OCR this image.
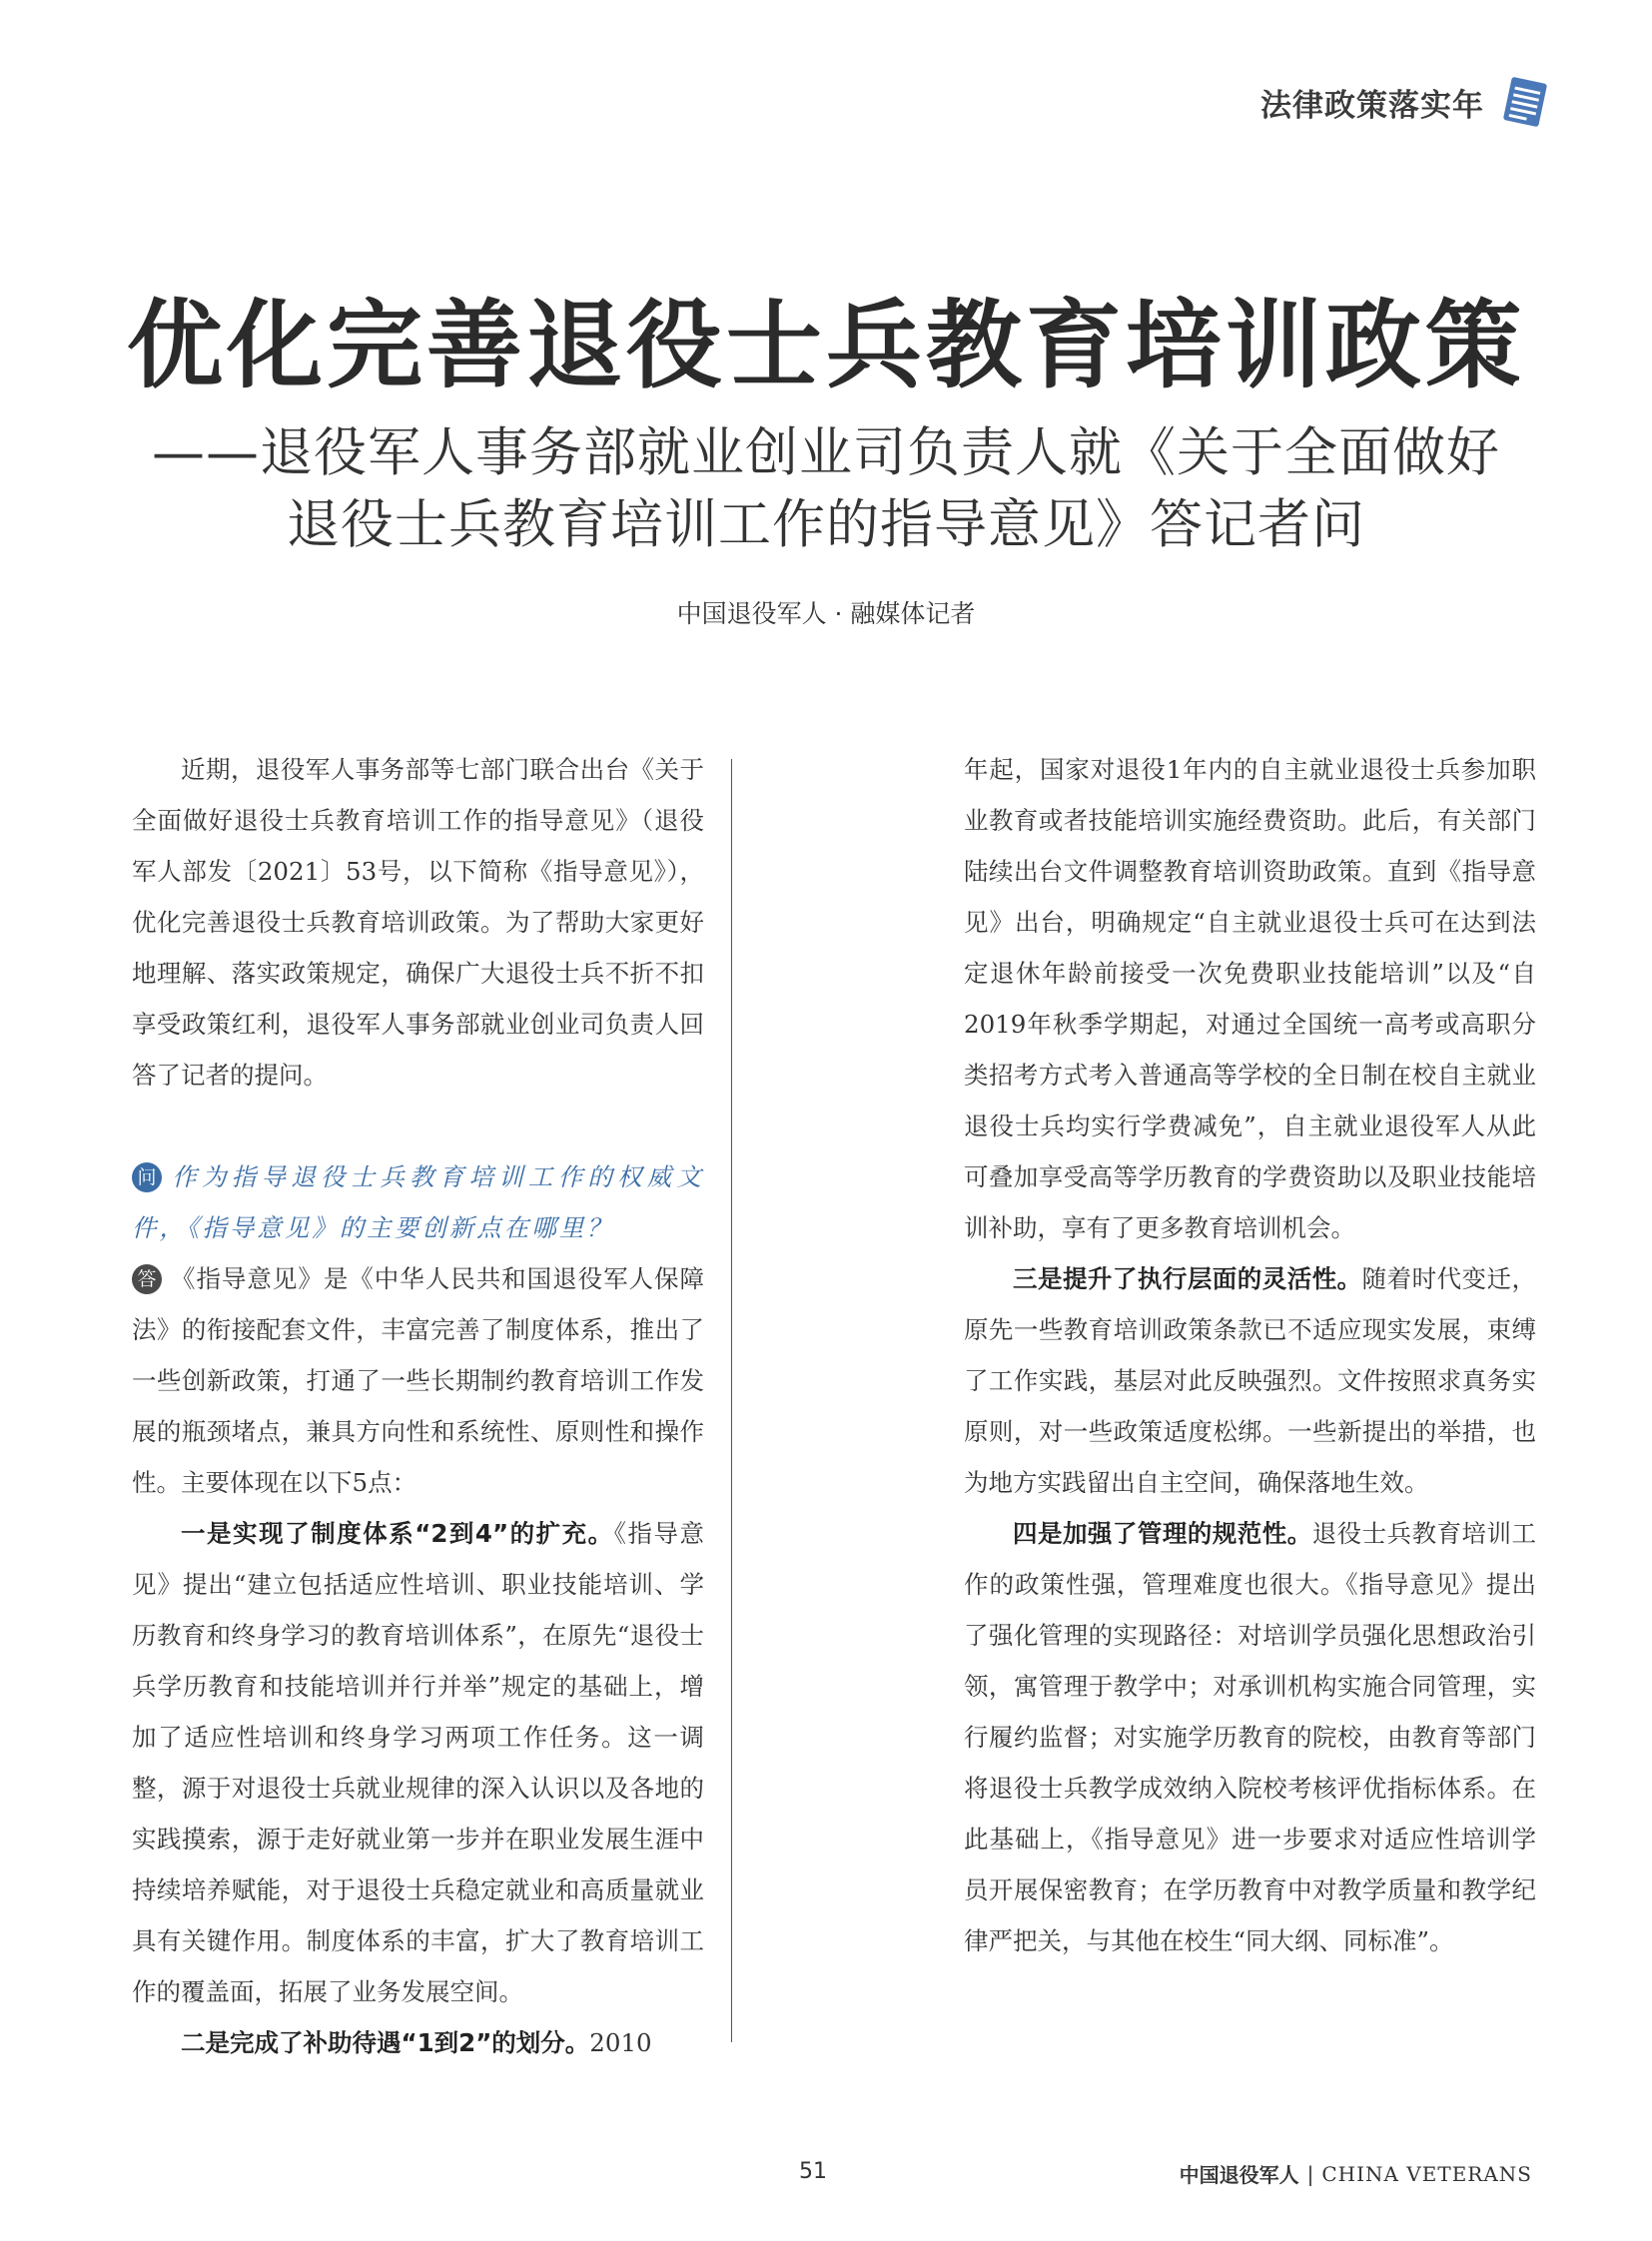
法律政策落实年
优化完善退役士兵教育培训政策
——退役军人事务部就业创业司负责人就《关于全面做好
退役士兵教育培训工作的指导意见》答记者问
中国退役军人 · 融媒体记者

近期，退役军人事务部等七部门联合出台《关于全面做好退役士兵教育培训工作的指导意见》（退役军人部发〔2021〕53号，以下简称《指导意见》），优化完善退役士兵教育培训政策。为了帮助大家更好地理解、落实政策规定，确保广大退役士兵不折不扣享受政策红利，退役军人事务部就业创业司负责人回答了记者的提问。

问 作为指导退役士兵教育培训工作的权威文件，《指导意见》的主要创新点在哪里？

答 《指导意见》是《中华人民共和国退役军人保障法》的衔接配套文件，丰富完善了制度体系，推出了一些创新政策，打通了一些长期制约教育培训工作发展的瓶颈堵点，兼具方向性和系统性、原则性和操作性。主要体现在以下5点：

一是实现了制度体系“2到4”的扩充。《指导意见》提出“建立包括适应性培训、职业技能培训、学历教育和终身学习的教育培训体系”，在原先“退役士兵学历教育和技能培训并行并举”规定的基础上，增加了适应性培训和终身学习两项工作任务。这一调整，源于对退役士兵就业规律的深入认识以及各地的实践摸索，源于走好就业第一步并在职业发展生涯中持续培养赋能，对于退役士兵稳定就业和高质量就业具有关键作用。制度体系的丰富，扩大了教育培训工作的覆盖面，拓展了业务发展空间。

二是完成了补助待遇“1到2”的划分。2010

年起，国家对退役1年内的自主就业退役士兵参加职业教育或者技能培训实施经费资助。此后，有关部门陆续出台文件调整教育培训资助政策。直到《指导意见》出台，明确规定“自主就业退役士兵可在达到法定退休年龄前接受一次免费职业技能培训”以及“自2019年秋季学期起，对通过全国统一高考或高职分类招考方式考入普通高等学校的全日制在校自主就业退役士兵均实行学费减免”，自主就业退役军人从此可叠加享受高等学历教育的学费资助以及职业技能培训补助，享有了更多教育培训机会。

三是提升了执行层面的灵活性。随着时代变迁，原先一些教育培训政策条款已不适应现实发展，束缚了工作实践，基层对此反映强烈。文件按照求真务实原则，对一些政策适度松绑。一些新提出的举措，也为地方实践留出自主空间，确保落地生效。

四是加强了管理的规范性。退役士兵教育培训工作的政策性强，管理难度也很大。《指导意见》提出了强化管理的实现路径：对培训学员强化思想政治引领，寓管理于教学中；对承训机构实施合同管理，实行履约监督；对实施学历教育的院校，由教育等部门将退役士兵教学成效纳入院校考核评优指标体系。在此基础上，《指导意见》进一步要求对适应性培训学员开展保密教育；在学历教育中对教学质量和教学纪律严把关，与其他在校生“同大纲、同标准”。

51	中国退役军人 | CHINA VETERANS
